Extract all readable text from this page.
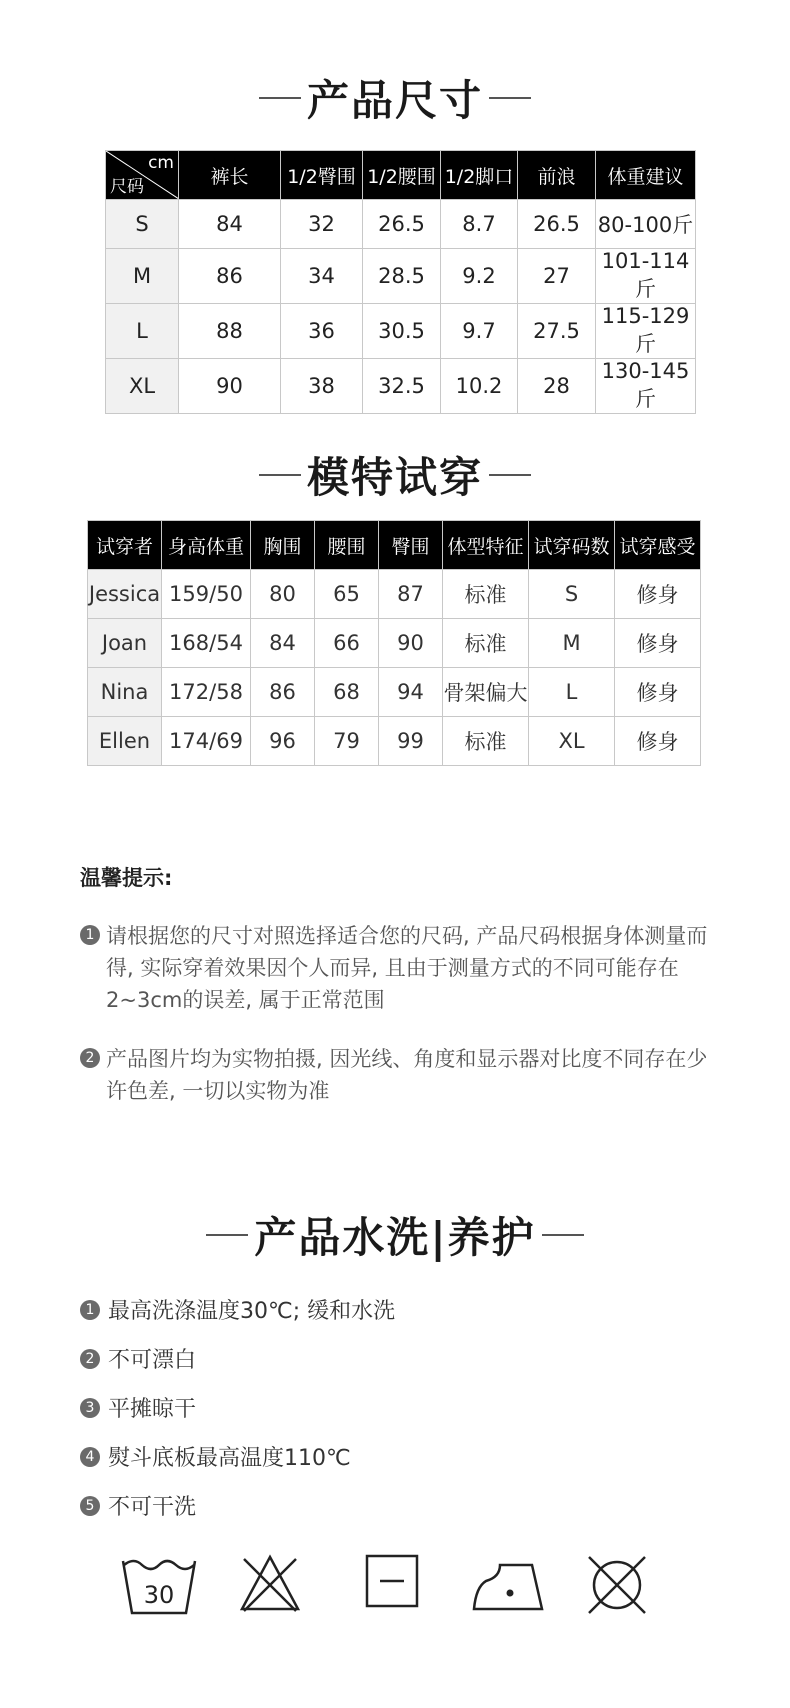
产品尺寸
cm
尺码	裤长	1/2臀围	1/2腰围	1/2脚口	前浪	体重建议
S	84	32	26.5	8.7	26.5	80-100斤
M	86	34	28.5	9.2	27	101-114斤
L	88	36	30.5	9.7	27.5	115-129斤
XL	90	38	32.5	10.2	28	130-145斤
模特试穿
试穿者	身高体重	胸围	腰围	臀围	体型特征	试穿码数	试穿感受
Jessica	159/50	80	65	87	标准	S	修身
Joan	168/54	84	66	90	标准	M	修身
Nina	172/58	86	68	94	骨架偏大	L	修身
Ellen	174/69	96	79	99	标准	XL	修身
温馨提示:
1 请根据您的尺寸对照选择适合您的尺码, 产品尺码根据身体测量而得, 实际穿着效果因个人而异, 且由于测量方式的不同可能存在2~3cm的误差, 属于正常范围
2 产品图片均为实物拍摄, 因光线、角度和显示器对比度不同存在少许色差, 一切以实物为准
产品水洗|养护
1 最高洗涤温度30℃; 缓和水洗
2 不可漂白
3 平摊晾干
4 熨斗底板最高温度110℃
5 不可干洗
30
